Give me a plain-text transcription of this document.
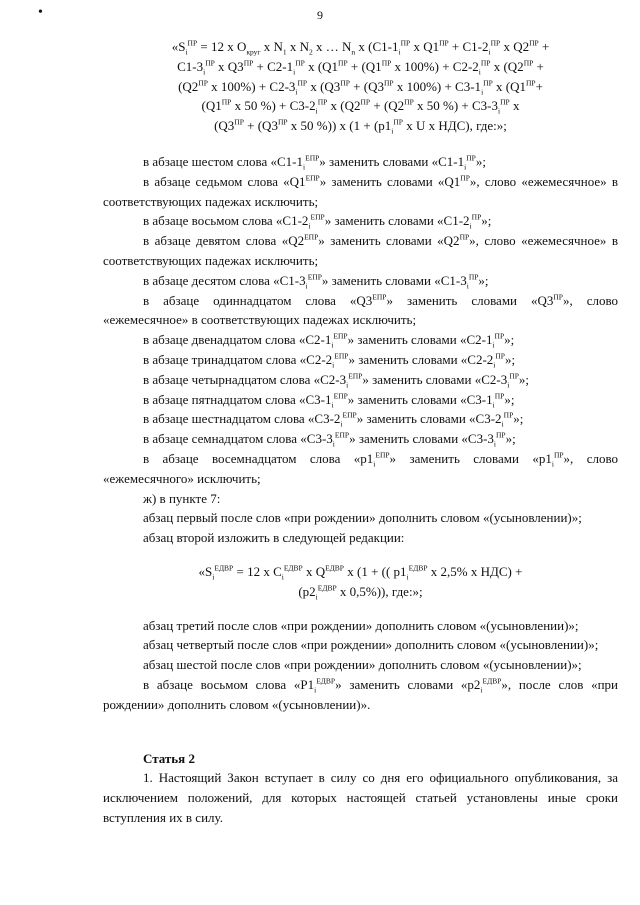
•	9

«$S_i^{ПР} = 12$ x $O_{круг}$ x $N_1$ x $N_2$ x … $N_n$ x ($C1-1_i^{ПР}$ x $Q1^{ПР} + C1-2_i^{ПР}$ x $Q2^{ПР}$ +

$C1-3_i^{ПР}$ x $Q3^{ПР} + C2-1_i^{ПР}$ x ($Q1^{ПР} + (Q1^{ПР}$ x $100\%) + C2-2_i^{ПР}$ x ($Q2^{ПР}$ +

($Q2^{ПР}$ x $100\%) + C2-3_i^{ПР}$ x ($Q3^{ПР} + (Q3^{ПР}$ x $100\%) + C3-1_i^{ПР}$ x ($Q1^{ПР}+$

($Q1^{ПР}$ x 50 %) + $C3-2_i^{ПР}$ x ($Q2^{ПР} + (Q2^{ПР}$ x 50 %) + $C3-3_i^{ПР}$ x

($Q3^{ПР} + (Q3^{ПР}$ x 50 %)) x ($1 + (p1_i^{ПР}$ x U x НДС), где:»;

в абзаце шестом слова «$C1-1_i^{ЕПР}$» заменить словами «$C1-1_i^{ПР}$»;

в абзаце седьмом слова «$Q1^{ЕПР}$» заменить словами «$Q1^{ПР}$», слово «ежемесячное» в соответствующих падежах исключить;

в абзаце восьмом слова «$C1-2_i^{ЕПР}$» заменить словами «$C1-2_i^{ПР}$»;

в абзаце девятом слова «$Q2^{ЕПР}$» заменить словами «$Q2^{ПР}$», слово «ежемесячное» в соответствующих падежах исключить;

в абзаце десятом слова «$C1-3_i^{ЕПР}$» заменить словами «$C1-3_i^{ПР}$»;

в абзаце одиннадцатом слова «$Q3^{ЕПР}$» заменить словами «$Q3^{ПР}$», слово «ежемесячное» в соответствующих падежах исключить;

в абзаце двенадцатом слова «$C2-1_i^{ЕПР}$» заменить словами «$C2-1_i^{ПР}$»;

в абзаце тринадцатом слова «$C2-2_i^{ЕПР}$» заменить словами «$C2-2_i^{ПР}$»;

в абзаце четырнадцатом слова «$C2-3_i^{ЕПР}$» заменить словами «$C2-3_i^{ПР}$»;

в абзаце пятнадцатом слова «$C3-1_i^{ЕПР}$» заменить словами «$C3-1_i^{ПР}$»;

в абзаце шестнадцатом слова «$C3-2_i^{ЕПР}$» заменить словами «$C3-2_i^{ПР}$»;

в абзаце семнадцатом слова «$C3-3_i^{ЕПР}$» заменить словами «$C3-3_i^{ПР}$»;

в абзаце восемнадцатом слова «$p1_i^{ЕПР}$» заменить словами «$p1_i^{ПР}$», слово «ежемесячного» исключить;

ж) в пункте 7:

абзац первый после слов «при рождении» дополнить словом «(усыновлении)»;

абзац второй изложить в следующей редакции:

«$S_i^{ЕДВР} = 12$ x $C_i^{ЕДВР}$ x $Q^{ЕДВР}$ x (1 + (( $p1_i^{ЕДВР}$ x 2,5% x НДС) +

($p2_i^{ЕДВР}$ x 0,5%)), где:»;

абзац третий после слов «при рождении» дополнить словом «(усыновлении)»;

абзац четвертый после слов «при рождении» дополнить словом «(усыновлении)»;

абзац шестой после слов «при рождении» дополнить словом «(усыновлении)»;

в абзаце восьмом слова «$P1_i^{ЕДВР}$» заменить словами «$p2_i^{ЕДВР}$», после слов «при рождении» дополнить словом «(усыновлении)».

Статья 2

1. Настоящий Закон вступает в силу со дня его официального опубликования, за исключением положений, для которых настоящей статьей установлены иные сроки вступления их в силу.
